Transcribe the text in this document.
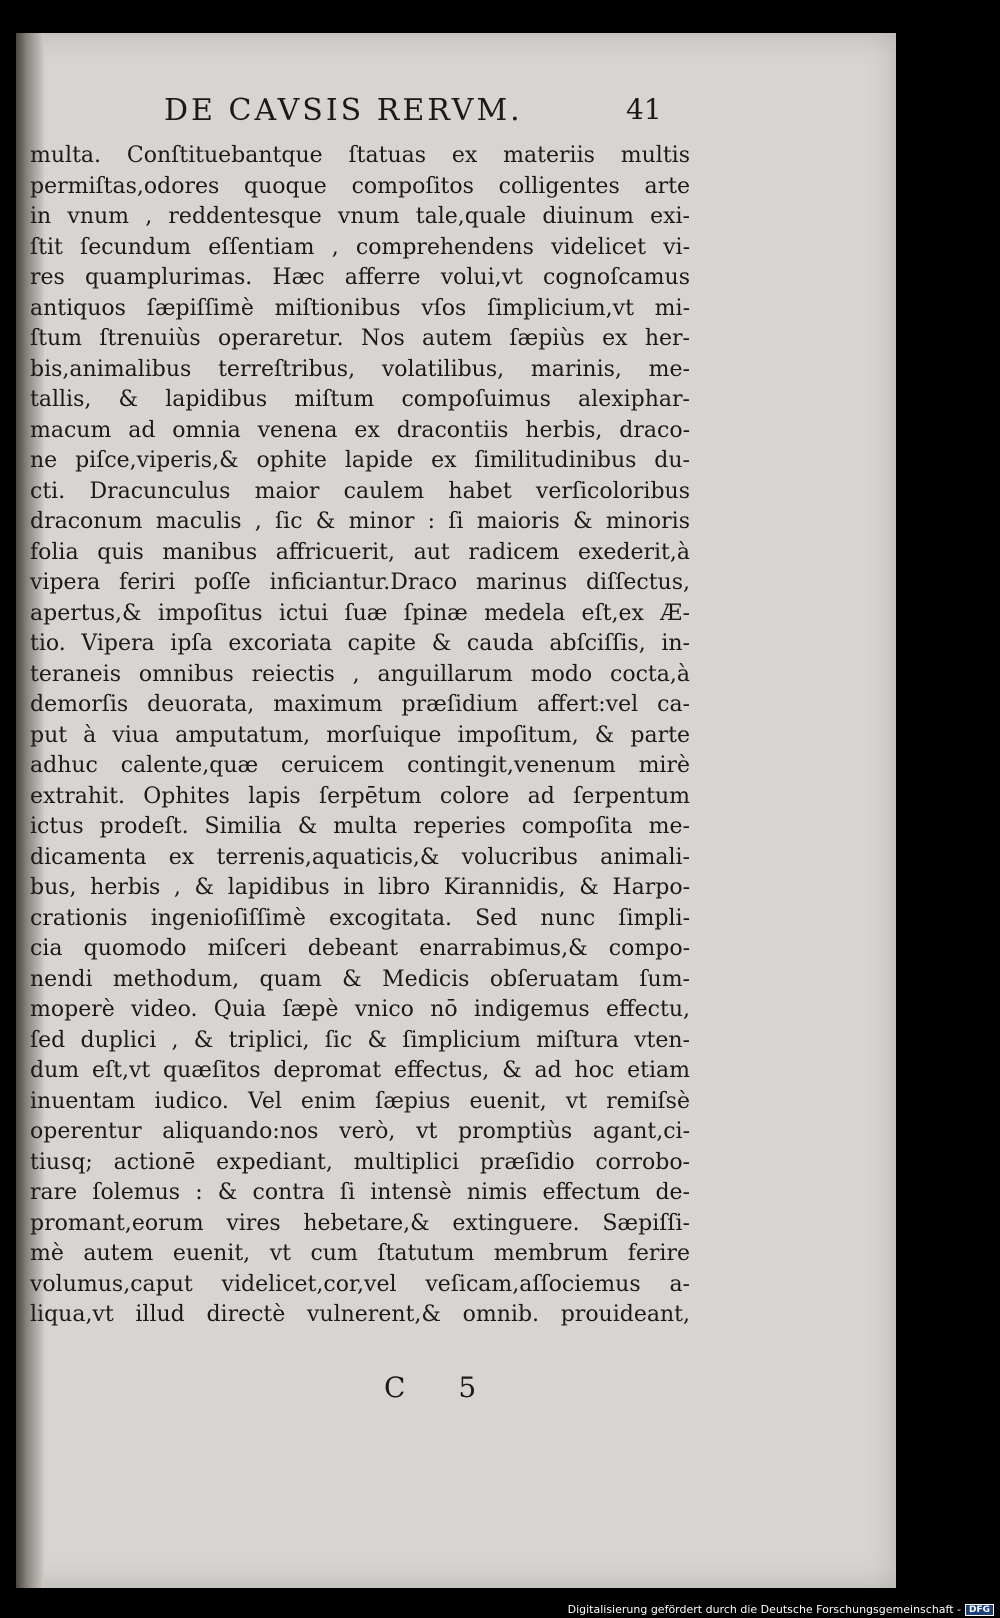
DE CAVSIS RERVM.	41
multa. Conſtituebantque ſtatuas ex materiis multis
permiſtas,odores quoque compoſitos colligentes arte
in vnum , reddentesque vnum tale,quale diuinum exi-
ſtit ſecundum eſſentiam , comprehendens videlicet vi-
res quamplurimas. Hæc afferre volui,vt cognoſcamus
antiquos ſæpiſſimè miſtionibus vſos ſimplicium,vt mi-
ſtum ſtrenuiùs operaretur. Nos autem ſæpiùs ex her-
bis,animalibus terreſtribus, volatilibus, marinis, me-
tallis, & lapidibus miſtum compoſuimus alexiphar-
macum ad omnia venena ex dracontiis herbis, draco-
ne piſce,viperis,& ophite lapide ex ſimilitudinibus du-
cti. Dracunculus maior caulem habet verſicoloribus
draconum maculis , ſic & minor : ſi maioris & minoris
folia quis manibus affricuerit, aut radicem exederit,à
vipera feriri poſſe inficiantur.Draco marinus diſſectus,
apertus,& impoſitus ictui ſuæ ſpinæ medela eſt,ex Æ-
tio. Vipera ipſa excoriata capite & cauda abſciſſis, in-
teraneis omnibus reiectis , anguillarum modo cocta,à
demorſis deuorata, maximum præſidium affert:vel ca-
put à viua amputatum, morſuique impoſitum, & parte
adhuc calente,quæ ceruicem contingit,venenum mirè
extrahit. Ophites lapis ſerpētum colore ad ſerpentum
ictus prodeſt. Similia & multa reperies compoſita me-
dicamenta ex terrenis,aquaticis,& volucribus animali-
bus, herbis , & lapidibus in libro Kirannidis, & Harpo-
crationis ingenioſiſſimè excogitata. Sed nunc ſimpli-
cia quomodo miſceri debeant enarrabimus,& compo-
nendi methodum, quam & Medicis obſeruatam ſum-
moperè video. Quia ſæpè vnico nō indigemus effectu,
ſed duplici , & triplici, ſic & ſimplicium miſtura vten-
dum eſt,vt quæſitos depromat effectus, & ad hoc etiam
inuentam iudico. Vel enim ſæpius euenit, vt remiſsè
operentur aliquando:nos verò, vt promptiùs agant,ci-
tiusq; actionē expediant, multiplici præſidio corrobo-
rare ſolemus : & contra ſi intensè nimis effectum de-
promant,eorum vires hebetare,& extinguere. Sæpiſſi-
mè autem euenit, vt cum ſtatutum membrum ferire
volumus,caput videlicet,cor,vel veſicam,aſſociemus a-
liqua,vt illud directè vulnerent,& omnib. prouideant,
C 5
Digitalisierung gefördert durch die Deutsche Forschungsgemeinschaft - DFG
